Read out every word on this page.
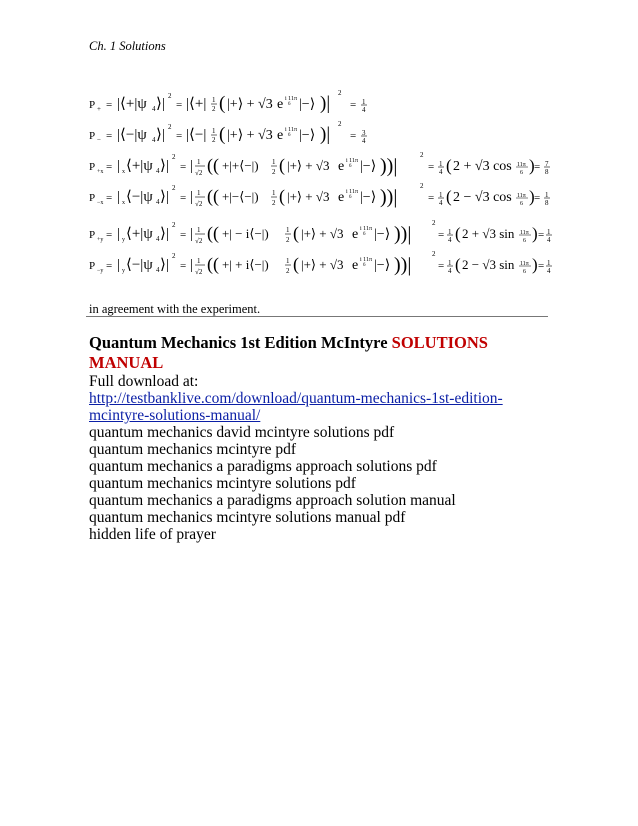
Ch. 1 Solutions
P + = |⟨+|ψ 4 ⟩| 2
= |⟨+| 1
2 ( |+⟩ + √3 e i 11π
6 |−⟩ )| 2
= 1
4
P − = |⟨−|ψ 4 ⟩| 2
= |⟨−| 1
2 ( |+⟩ + √3 e i 11π
6 |−⟩ )| 2
= 3
4
P +x = | x ⟨+|ψ 4 ⟩|
2
= | 1
√2 (( +|+⟨−|) 1
2 ( |+⟩ + √3 e i 11π
6 |−⟩ ))|	2
= 1
4 ( 2 + √3 cos 11π
6 ) = 7
8
P −x = | x ⟨−|ψ 4 ⟩|
2
= | 1
√2 (( +|−⟨−|) 1
2 ( |+⟩ + √3 e i 11π
6 |−⟩ ))|	2
= 1
4 ( 2 − √3 cos 11π
6 ) = 1
8
P +y = | y ⟨+|ψ 4 ⟩|
2
= | 1
√2 (( +| − i⟨−|) 1
2 ( |+⟩ + √3 e i 11π
6 |−⟩ ))|	2
= 1
4 ( 2 + √3 sin 11π
6 ) = 1
4
P −y = | y ⟨−|ψ 4 ⟩|
2
= | 1
√2 (( +| + i⟨−|) 1
2 ( |+⟩ + √3 e i 11π
6 |−⟩ ))|	2
= 1
4 ( 2 − √3 sin 11π
6 ) = 1
4
in agreement with the experiment.
Quantum Mechanics 1st Edition McIntyre SOLUTIONS
MANUAL
Full download at:
http://testbanklive.com/download/quantum-mechanics-1st-edition-
mcintyre-solutions-manual/
quantum mechanics david mcintyre solutions pdf
quantum mechanics mcintyre pdf
quantum mechanics a paradigms approach solutions pdf
quantum mechanics mcintyre solutions pdf
quantum mechanics a paradigms approach solution manual
quantum mechanics mcintyre solutions manual pdf
hidden life of prayer
